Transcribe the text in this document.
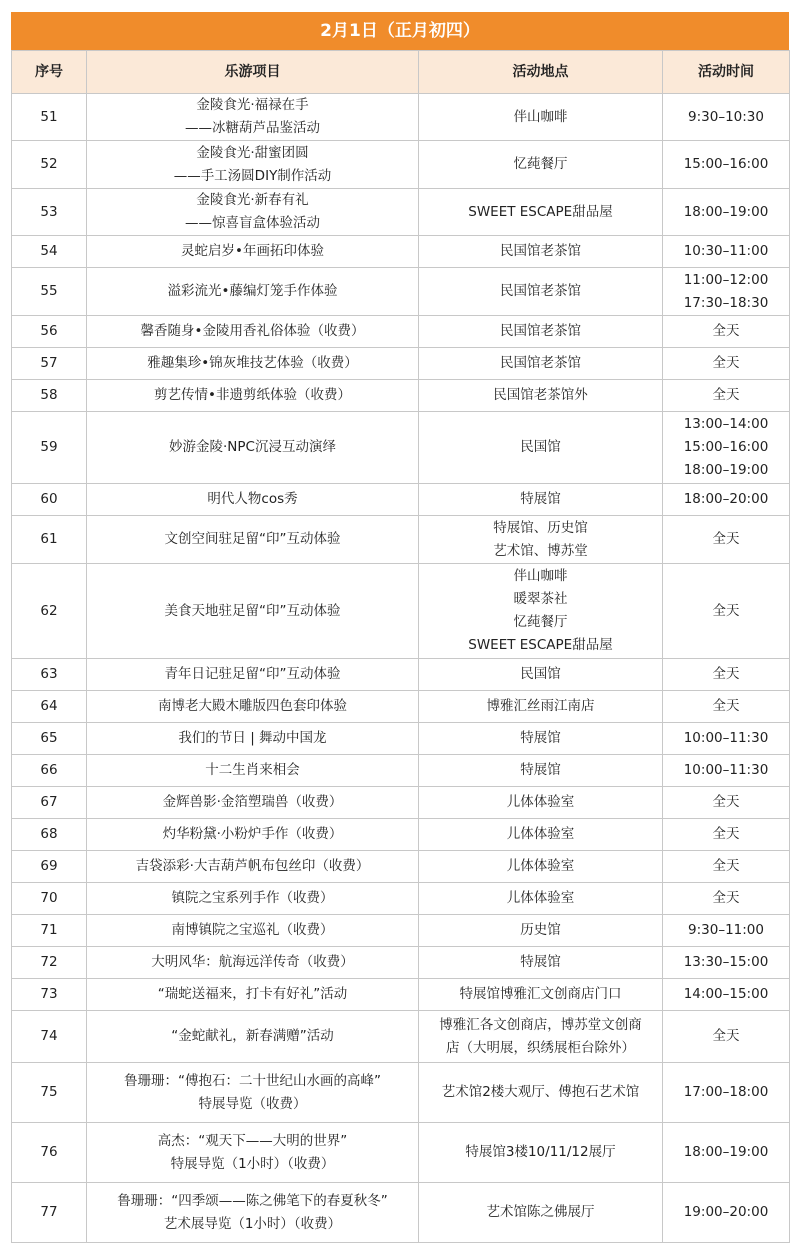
2月1日（正月初四）
序号	乐游项目	活动地点	活动时间
51	金陵食光·福禄在手
——冰糖葫芦品鉴活动	伴山咖啡	9:30–10:30

52	金陵食光·甜蜜团圆
——手工汤圆DIY制作活动	忆莼餐厅	15:00–16:00

53	金陵食光·新春有礼
——惊喜盲盒体验活动	SWEET ESCAPE甜品屋	18:00–19:00

54	灵蛇启岁•年画拓印体验	民国馆老茶馆	10:30–11:00

55	溢彩流光•藤编灯笼手作体验	民国馆老茶馆	11:00–12:00
17:30–18:30

56	馨香随身•金陵用香礼俗体验（收费）	民国馆老茶馆	全天

57	雅趣集珍•锦灰堆技艺体验（收费）	民国馆老茶馆	全天

58	剪艺传情•非遗剪纸体验（收费）	民国馆老茶馆外	全天

59	妙游金陵·NPC沉浸互动演绎	民国馆	13:00–14:00
15:00–16:00
18:00–19:00

60	明代人物cos秀	特展馆	18:00–20:00

61	文创空间驻足留“印”互动体验	特展馆、历史馆
艺术馆、博苏堂	全天

62	美食天地驻足留“印”互动体验	伴山咖啡
暖翠茶社
忆莼餐厅
SWEET ESCAPE甜品屋	全天

63	青年日记驻足留“印”互动体验	民国馆	全天

64	南博老大殿木雕版四色套印体验	博雅汇丝雨江南店	全天

65	我们的节日 | 舞动中国龙	特展馆	10:00–11:30

66	十二生肖来相会	特展馆	10:00–11:30

67	金辉兽影·金箔塑瑞兽（收费）	儿体体验室	全天

68	灼华粉黛·小粉炉手作（收费）	儿体体验室	全天

69	吉袋添彩·大吉葫芦帆布包丝印（收费）	儿体体验室	全天

70	镇院之宝系列手作（收费）	儿体体验室	全天

71	南博镇院之宝巡礼（收费）	历史馆	9:30–11:00

72	大明风华：航海远洋传奇（收费）	特展馆	13:30–15:00

73	“瑞蛇送福来，打卡有好礼”活动	特展馆博雅汇文创商店门口	14:00–15:00

74	“金蛇献礼，新春满赠”活动	博雅汇各文创商店，博苏堂文创商
店（大明展，织绣展柜台除外）	全天

75	鲁珊珊：“傅抱石：二十世纪山水画的高峰”
特展导览（收费）	艺术馆2楼大观厅、傅抱石艺术馆	17:00–18:00

76	高杰：“观天下——大明的世界”
特展导览（1小时）（收费）	特展馆3楼10/11/12展厅	18:00–19:00

77	鲁珊珊：“四季颂——陈之佛笔下的春夏秋冬”
艺术展导览（1小时）（收费）	艺术馆陈之佛展厅	19:00–20:00
